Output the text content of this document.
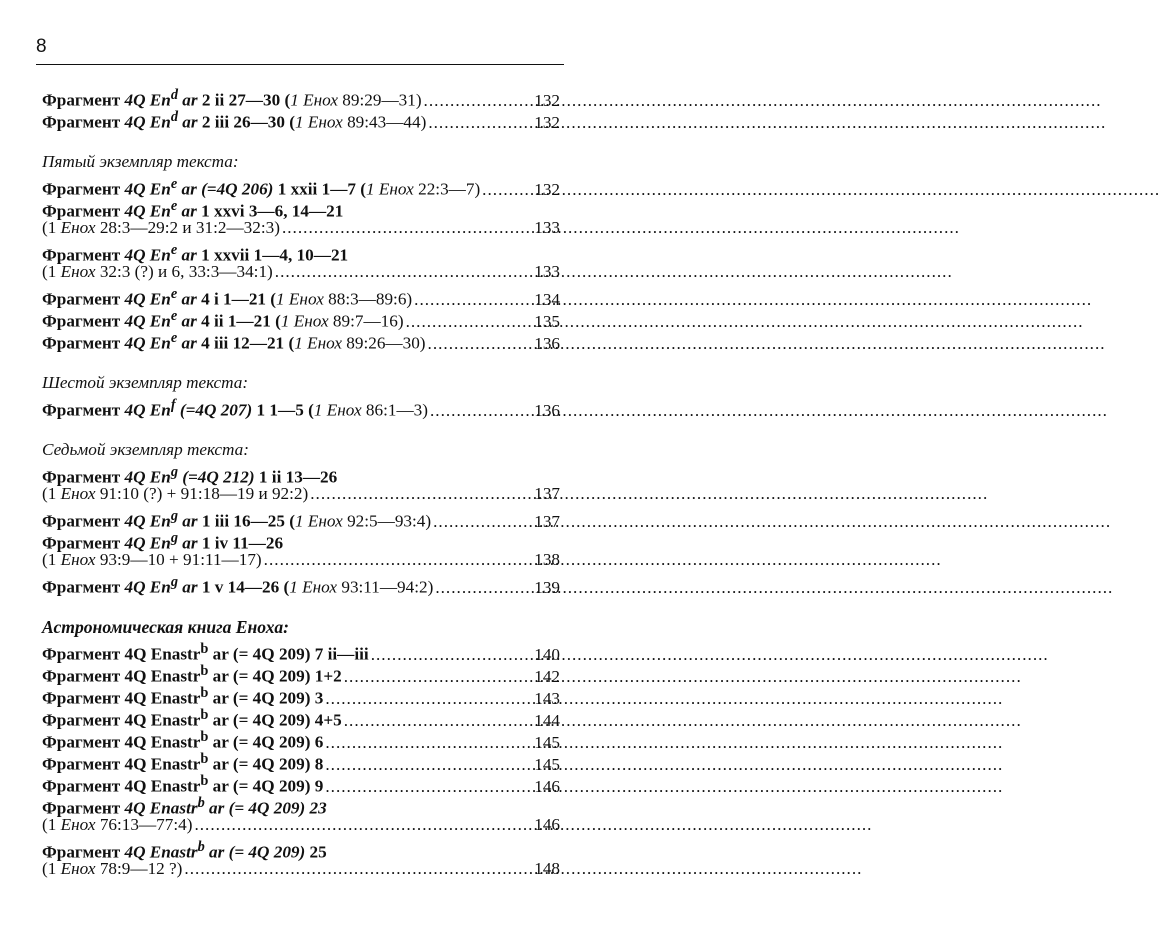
8
Фрагмент 4Q En$^d$ ar 2 ii 27—30 (1 Енох 89:29—31) .....	132
Фрагмент 4Q En$^d$ ar 2 iii 26—30 (1 Енох 89:43—44) .....	132
Пятый экземпляр текста:
Фрагмент 4Q En$^e$ ar (=4Q 206) 1 xxii 1—7 (1 Енох 22:3—7) .....	132
Фрагмент 4Q En$^e$ ar 1 xxvi 3—6, 14—21
(1 Енох 28:3—29:2 и 31:2—32:3) .....	133
Фрагмент 4Q En$^e$ ar 1 xxvii 1—4, 10—21
(1 Енох 32:3 (?) и 6, 33:3—34:1) .....	133
Фрагмент 4Q En$^e$ ar 4 i 1—21 (1 Енох 88:3—89:6) .....	134
Фрагмент 4Q En$^e$ ar 4 ii 1—21 (1 Енох 89:7—16) .....	135
Фрагмент 4Q En$^e$ ar 4 iii 12—21 (1 Енох 89:26—30) .....	136
Шестой экземпляр текста:
Фрагмент 4Q En$^f$ (=4Q 207) 1 1—5 (1 Енох 86:1—3) .....	136
Седьмой экземпляр текста:
Фрагмент 4Q En$^g$ (=4Q 212) 1 ii 13—26
(1 Енох 91:10 (?) + 91:18—19 и 92:2) .....	137
Фрагмент 4Q En$^g$ ar 1 iii 16—25 (1 Енох 92:5—93:4) .....	137
Фрагмент 4Q En$^g$ ar 1 iv 11—26
(1 Енох 93:9—10 + 91:11—17) .....	138
Фрагмент 4Q En$^g$ ar 1 v 14—26 (1 Енох 93:11—94:2) .....	139
Астрономическая книга Еноха:
Фрагмент 4Q Enastr$^b$ ar (= 4Q 209) 7 ii—iii .....	140
Фрагмент 4Q Enastr$^b$ ar (= 4Q 209) 1+2 .....	142
Фрагмент 4Q Enastr$^b$ ar (= 4Q 209) 3 .....	143
Фрагмент 4Q Enastr$^b$ ar (= 4Q 209) 4+5 .....	144
Фрагмент 4Q Enastr$^b$ ar (= 4Q 209) 6 .....	145
Фрагмент 4Q Enastr$^b$ ar (= 4Q 209) 8 .....	145
Фрагмент 4Q Enastr$^b$ ar (= 4Q 209) 9 .....	146
Фрагмент 4Q Enastr$^b$ ar (= 4Q 209) 23
(1 Енох 76:13—77:4) .....	146
Фрагмент 4Q Enastr$^b$ ar (= 4Q 209) 25
(1 Енох 78:9—12 ?) .....	148
